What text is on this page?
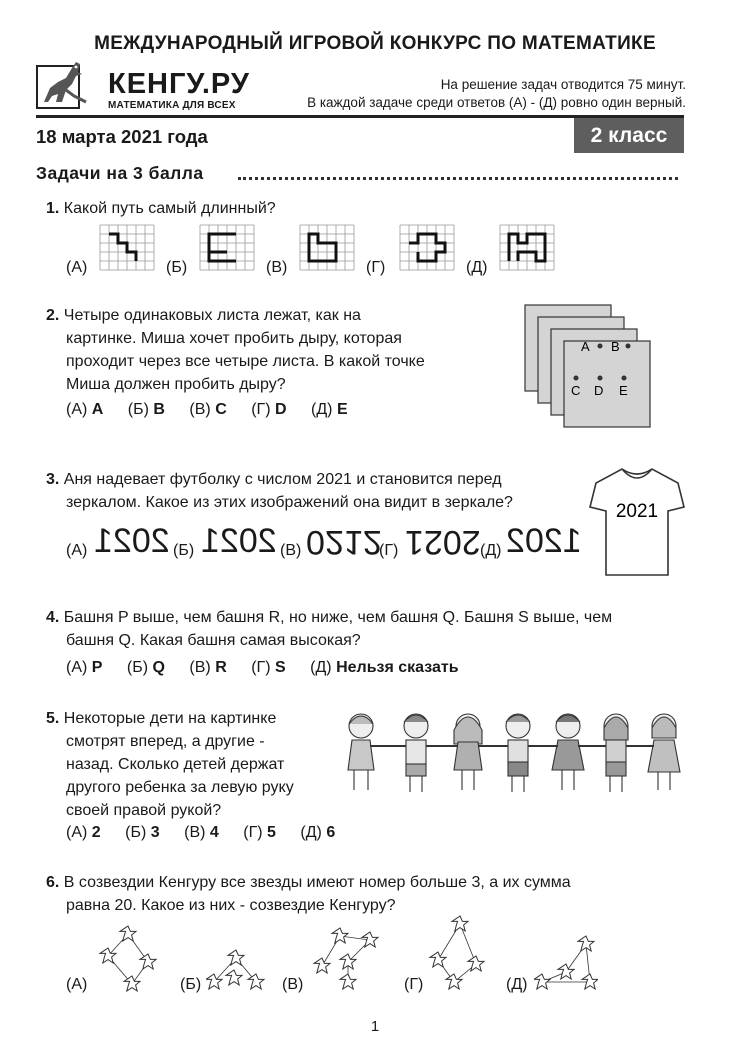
МЕЖДУНАРОДНЫЙ ИГРОВОЙ КОНКУРС ПО МАТЕМАТИКЕ
КЕНГУ.РУ
МАТЕМАТИКА ДЛЯ ВСЕХ
На решение задач отводится 75 минут.
В каждой задаче среди ответов (А) - (Д) ровно один верный.
18 марта 2021 года	2 класс
Задачи на 3 балла
1. Какой путь самый длинный?
(А)	(Б)	(В)	(Г)	(Д)
2. Четыре одинаковых листа лежат, как на
картинке. Миша хочет пробить дыру, которая
проходит через все четыре листа. В какой точке
Миша должен пробить дыру?
(А) A (Б) B (В) C (Г) D (Д) E
A B
C D E
3. Аня надевает футболку с числом 2021 и становится перед
зеркалом. Какое из этих изображений она видит в зеркале?
(А) 2021 (Б) 2021 (В) 0212
(Г) 2021 (Д) 1202
2021
4. Башня P выше, чем башня R, но ниже, чем башня Q. Башня S выше, чем
башня Q. Какая башня самая высокая?
(А) P (Б) Q (В) R (Г) S (Д) Нельзя сказать
5. Некоторые дети на картинке
смотрят вперед, а другие -
назад. Сколько детей держат
другого ребенка за левую руку
своей правой рукой?
(А) 2 (Б) 3 (В) 4 (Г) 5 (Д) 6
6. В созвездии Кенгуру все звезды имеют номер больше 3, а их сумма
равна 20. Какое из них - созвездие Кенгуру?
(А)	(Б)	(В)	(Г)	(Д)
1
